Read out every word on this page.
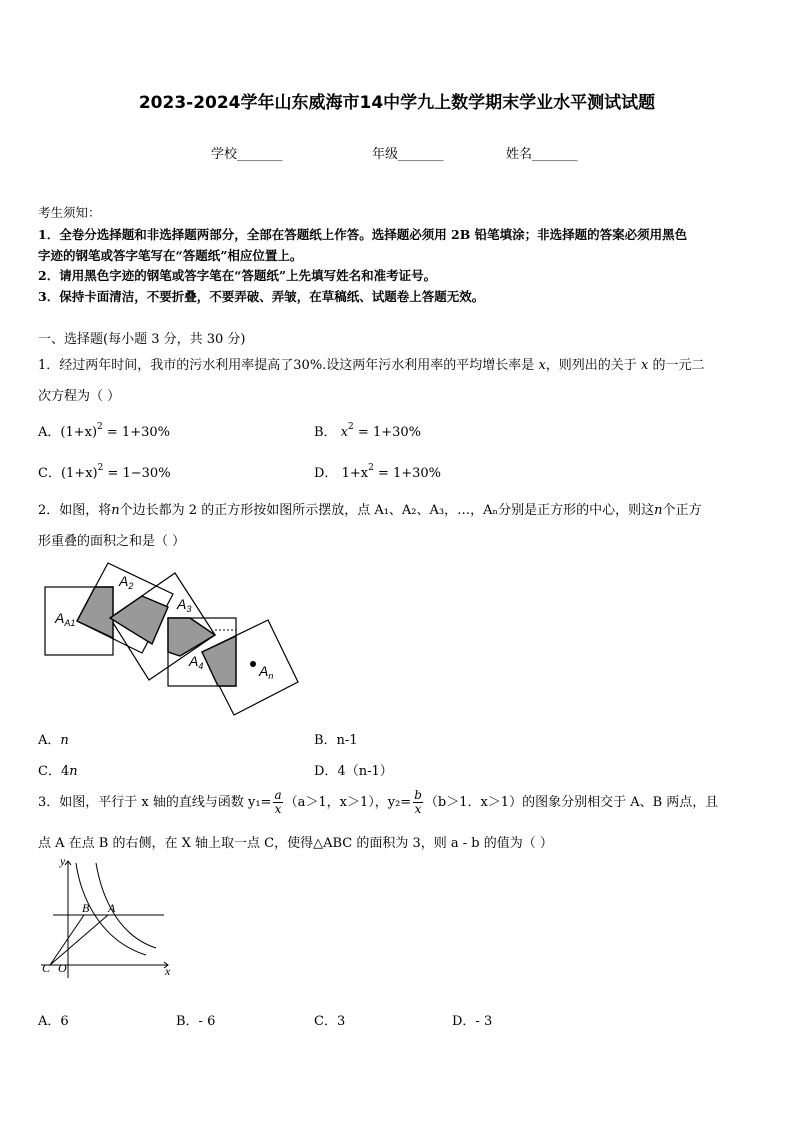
2023-2024学年山东威海市14中学九上数学期末学业水平测试试题
学校_______	年级_______	姓名_______
考生须知：
1．全卷分选择题和非选择题两部分，全部在答题纸上作答。选择题必须用 2B 铅笔填涂；非选择题的答案必须用黑色
字迹的钢笔或答字笔写在“答题纸”相应位置上。
2．请用黑色字迹的钢笔或答字笔在“答题纸”上先填写姓名和准考证号。
3．保持卡面清洁，不要折叠，不要弄破、弄皱，在草稿纸、试题卷上答题无效。
一、选择题(每小题 3 分，共 30 分)
1．经过两年时间，我市的污水利用率提高了30%.设这两年污水利用率的平均增长率是 x，则列出的关于 x 的一元二
次方程为（ ）
A．$(1+x)^2 = 1+30\%$	B． $x^2 = 1+30\%$
C．$(1+x)^2 = 1-30\%$	D． $1+x^2 = 1+30\%$
2．如图，将n个边长都为 2 的正方形按如图所示摆放，点 A₁、A₂、A₃，…，Aₙ分别是正方形的中心，则这n个正方
形重叠的面积之和是（ ）
$A_{A1}$
$A_2$
$A_3$
$A_4$	$A_n$
A．n	B．n-1
C．4n	D．4（n-1）
3．如图，平行于 x 轴的直线与函数 $y_1= \frac{a}{x} (a>1$，x＞1），$y_2= \frac{b}{x} (b>1$．x＞1）的图象分别相交于 A、B 两点，且
点 A 在点 B 的右侧，在 X 轴上取一点 C，使得△ABC 的面积为 3，则 a - b 的值为（ ）
y
x
B A
C O
A．6	B．- 6	C．3	D．- 3
